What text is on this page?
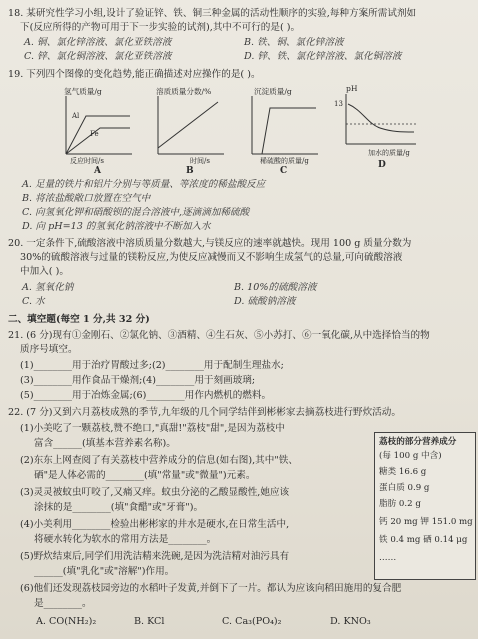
18. 某研究性学习小组,设计了验证锌、铁、铜三种金属的活动性顺序的实验,每种方案所需试剂如
下(反应所得的产物可用于下一步实验的试剂),其中不可行的是( )。
A. 铜、氯化锌溶液、氯化亚铁溶液	B. 铁、铜、氯化锌溶液
C. 锌、氯化铜溶液、氯化亚铁溶液	D. 锌、铁、氯化锌溶液、氯化铜溶液
19. 下列四个图像的变化趋势,能正确描述对应操作的是( )。
氢气质量/g
Al
Fe
反应时间/s
A
溶质质量分数/%
时间/s
B
沉淀质量/g
稀硫酸的质量/g
C
pH
13
加水的质量/g
D
A. 足量的铁片和铝片分别与等质量、等浓度的稀盐酸反应
B. 将浓盐酸敞口放置在空气中
C. 向氢氧化钾和硝酸钡的混合溶液中,逐滴滴加稀硫酸
D. 向 pH=13 的氢氧化钠溶液中不断加入水
20. 一定条件下,硫酸溶液中溶质质量分数越大,与镁反应的速率就越快。现用 100 g 质量分数为
30%的硫酸溶液与过量的镁粉反应,为使反应减慢而又不影响生成氢气的总量,可向硫酸溶液
中加入( )。
A. 氢氧化钠	B. 10%的硫酸溶液
C. 水	D. 硫酸钠溶液
二、填空题(每空 1 分,共 32 分)
21. (6 分)现有①金刚石、②氯化钠、③酒精、④生石灰、⑤小苏打、⑥一氧化碳,从中选择恰当的物
质序号填空。
(1)________用于治疗胃酸过多;(2)________用于配制生理盐水;
(3)________用作食品干燥剂;(4)________用于刻画玻璃;
(5)________用于冶炼金属;(6)________用作内燃机的燃料。
22. (7 分)又到六月荔枝成熟的季节,九年级的几个同学结伴到彬彬家去摘荔枝进行野炊活动。
(1)小美吃了一颗荔枝,赞不绝口,"真甜!"荔枝"甜",是因为荔枝中
富含______(填基本营养素名称)。
(2)东东上网查阅了有关荔枝中营养成分的信息(如右图),其中"铁、
硒"是人体必需的________(填"常量"或"微量")元素。
(3)灵灵被蚊虫叮咬了,又痛又痒。蚊虫分泌的乙酸显酸性,她应该
涂抹的是________(填"食醋"或"牙膏")。
(4)小美利用________检验出彬彬家的井水是硬水,在日常生活中,
将硬水转化为软水的常用方法是________。
(5)野炊结束后,同学们用洗洁精来洗碗,是因为洗洁精对油污具有
______(填"乳化"或"溶解")作用。
(6)他们还发现荔枝园旁边的水稻叶子发黄,并倒下了一片。都认为应该向稻田施用的复合肥
是________。
A. CO(NH₂)₂	B. KCl	C. Ca₃(PO₄)₂	D. KNO₃
荔枝的部分营养成分
(每 100 g 中含)
糖类 16.6 g
蛋白质 0.9 g
脂肪 0.2 g
钙 20 mg 钾 151.0 mg
铁 0.4 mg 硒 0.14 μg
……
